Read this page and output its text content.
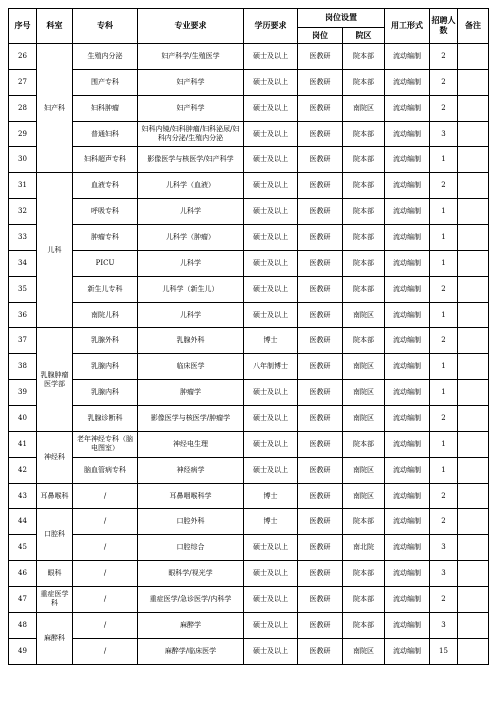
序号	科室	专科	专业要求	学历要求	岗位设置		用工形式	招聘人数	备注
					岗位	院区			
26	妇产科	生殖内分泌	妇产科学/生殖医学	硕士及以上	医教研	院本部	流动编制	2	
27		围产专科	妇产科学	硕士及以上	医教研	院本部	流动编制	2	
28		妇科肿瘤	妇产科学	硕士及以上	医教研	南院区	流动编制	2	
29		普通妇科	妇科内镜/妇科肿瘤/妇科泌尿/妇科内分泌/生殖内分泌	硕士及以上	医教研	院本部	流动编制	3	
30		妇科超声专科	影像医学与核医学/妇产科学	硕士及以上	医教研	院本部	流动编制	1	
31	儿科	血液专科	儿科学（血液）	硕士及以上	医教研	院本部	流动编制	2	
32		呼吸专科	儿科学	硕士及以上	医教研	院本部	流动编制	1	
33		肿瘤专科	儿科学（肿瘤）	硕士及以上	医教研	院本部	流动编制	1	
34		PICU	儿科学	硕士及以上	医教研	院本部	流动编制	1	
35		新生儿专科	儿科学（新生儿）	硕士及以上	医教研	院本部	流动编制	2	
36		南院儿科	儿科学	硕士及以上	医教研	南院区	流动编制	1	
37	乳腺肿瘤医学部	乳腺外科	乳腺外科	博士	医教研	院本部	流动编制	2	
38		乳腺内科	临床医学	八年制博士	医教研	南院区	流动编制	1	
39		乳腺内科	肿瘤学	硕士及以上	医教研	南院区	流动编制	1	
40		乳腺诊断科	影像医学与核医学/肿瘤学	硕士及以上	医教研	南院区	流动编制	2	
41	神经科	老年神经专科（脑电图室）	神经电生理	硕士及以上	医教研	院本部	流动编制	1	
42		脑血管病专科	神经病学	硕士及以上	医教研	南院区	流动编制	1	
43	耳鼻喉科	/	耳鼻咽喉科学	博士	医教研	南院区	流动编制	2	
44	口腔科	/	口腔外科	博士	医教研	院本部	流动编制	2	
45		/	口腔综合	硕士及以上	医教研	南北院	流动编制	3	
46	眼科	/	眼科学/视光学	硕士及以上	医教研	院本部	流动编制	3	
47	重症医学科	/	重症医学/急诊医学/内科学	硕士及以上	医教研	院本部	流动编制	2	
48	麻醉科	/	麻醉学	硕士及以上	医教研	院本部	流动编制	3	
49		/	麻醉学/临床医学	硕士及以上	医教研	南院区	流动编制	15	
